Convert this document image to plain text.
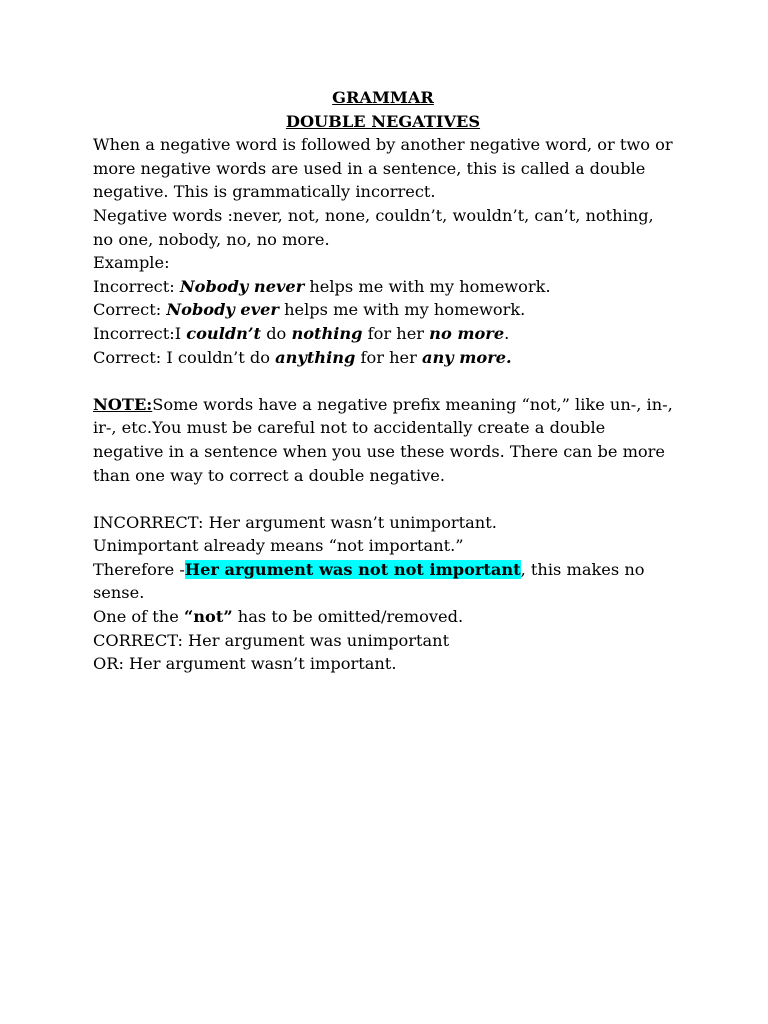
GRAMMAR
DOUBLE NEGATIVES
When a negative word is followed by another negative word, or two or more negative words are used in a sentence, this is called a double negative. This is grammatically incorrect.
Negative words :never, not, none, couldn’t, wouldn’t, can’t, nothing, no one, nobody, no, no more.
Example:
Incorrect: Nobody never helps me with my homework.
Correct: Nobody ever helps me with my homework.
Incorrect:I couldn’t do nothing for her no more.
Correct: I couldn’t do anything for her any more.
NOTE:Some words have a negative prefix meaning “not,” like un-, in-, ir-, etc.You must be careful not to accidentally create a double negative in a sentence when you use these words. There can be more than one way to correct a double negative.
INCORRECT: Her argument wasn’t unimportant.
Unimportant already means “not important.”
Therefore -Her argument was not not important, this makes no sense.
One of the “not” has to be omitted/removed.
CORRECT: Her argument was unimportant
OR: Her argument wasn’t important.
